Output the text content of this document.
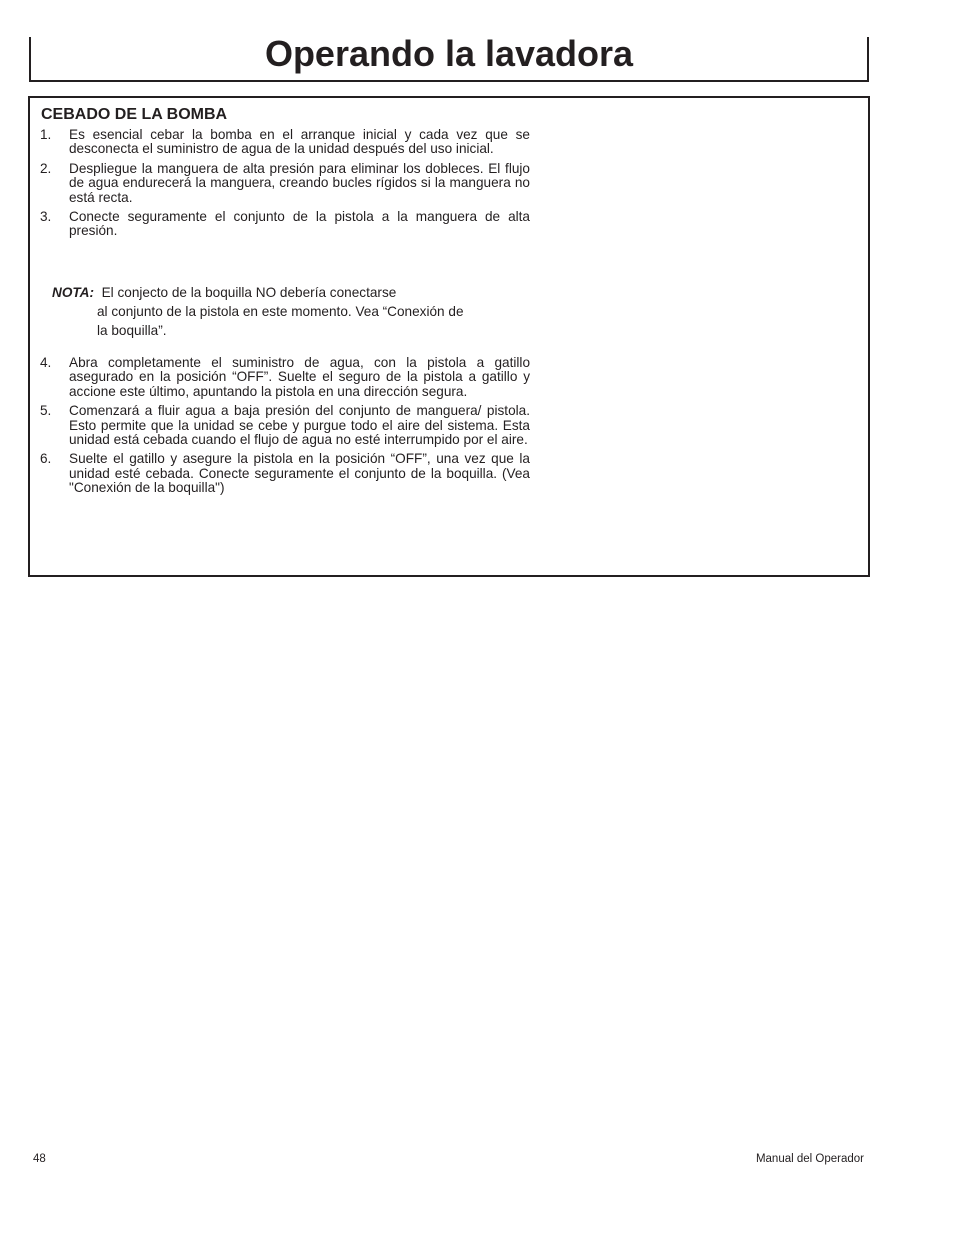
Operando la lavadora
CEBADO DE LA BOMBA
1. Es esencial cebar la bomba en el arranque inicial y cada vez que se desconecta el suministro de agua de la unidad después del uso inicial.
2. Despliegue la manguera de alta presión para eliminar los dobleces. El flujo de agua endurecerá la manguera, creando bucles rígidos si la manguera no está recta.
3. Conecte seguramente el conjunto de la pistola a la manguera de alta presión.
NOTA: El conjecto de la boquilla NO debería conectarse
al conjunto de la pistola en este momento. Vea “Conexión de
la boquilla”.
4. Abra completamente el suministro de agua, con la pistola a gatillo asegurado en la posición “OFF”. Suelte el seguro de la pistola a gatillo y accione este último, apuntando la pistola en una dirección segura.
5. Comenzará a fluir agua a baja presión del conjunto de manguera/ pistola. Esto permite que la unidad se cebe y purgue todo el aire del sistema. Esta unidad está cebada cuando el flujo de agua no esté interrumpido por el aire.
6. Suelte el gatillo y asegure la pistola en la posición “OFF”, una vez que la unidad esté cebada. Conecte seguramente el conjunto de la boquilla. (Vea "Conexión de la boquilla")
48	Manual del Operador
